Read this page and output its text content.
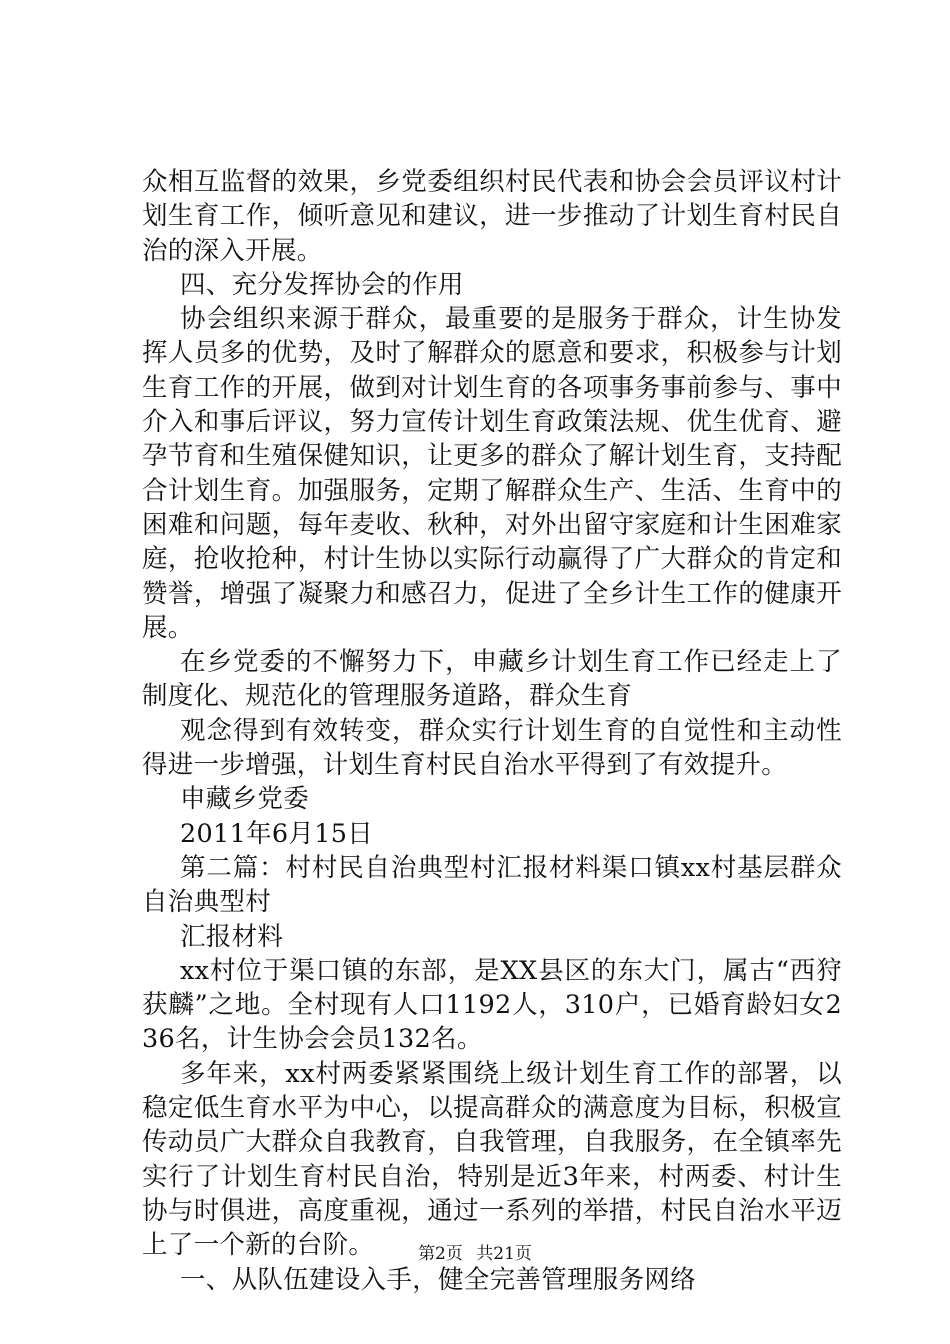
众相互监督的效果，乡党委组织村民代表和协会会员评议村计划生育工作，倾听意见和建议，进一步推动了计划生育村民自治的深入开展。

四、充分发挥协会的作用

协会组织来源于群众，最重要的是服务于群众，计生协发挥人员多的优势，及时了解群众的愿意和要求，积极参与计划生育工作的开展，做到对计划生育的各项事务事前参与、事中介入和事后评议，努力宣传计划生育政策法规、优生优育、避孕节育和生殖保健知识，让更多的群众了解计划生育，支持配合计划生育。加强服务，定期了解群众生产、生活、生育中的困难和问题，每年麦收、秋种，对外出留守家庭和计生困难家庭，抢收抢种，村计生协以实际行动赢得了广大群众的肯定和赞誉，增强了凝聚力和感召力，促进了全乡计生工作的健康开展。

在乡党委的不懈努力下，申藏乡计划生育工作已经走上了制度化、规范化的管理服务道路，群众生育

观念得到有效转变，群众实行计划生育的自觉性和主动性得进一步增强，计划生育村民自治水平得到了有效提升。

申藏乡党委

2011年6月15日

第二篇：村村民自治典型村汇报材料渠口镇xx村基层群众自治典型村

汇报材料

xx村位于渠口镇的东部，是XX县区的东大门，属古“西狩获麟”之地。全村现有人口1192人，310户，已婚育龄妇女236名，计生协会会员132名。

多年来，xx村两委紧紧围绕上级计划生育工作的部署，以稳定低生育水平为中心，以提高群众的满意度为目标，积极宣传动员广大群众自我教育，自我管理，自我服务，在全镇率先实行了计划生育村民自治，特别是近3年来，村两委、村计生协与时俱进，高度重视，通过一系列的举措，村民自治水平迈上了一个新的台阶。

一、从队伍建设入手，健全完善管理服务网络

第2页 共21页
